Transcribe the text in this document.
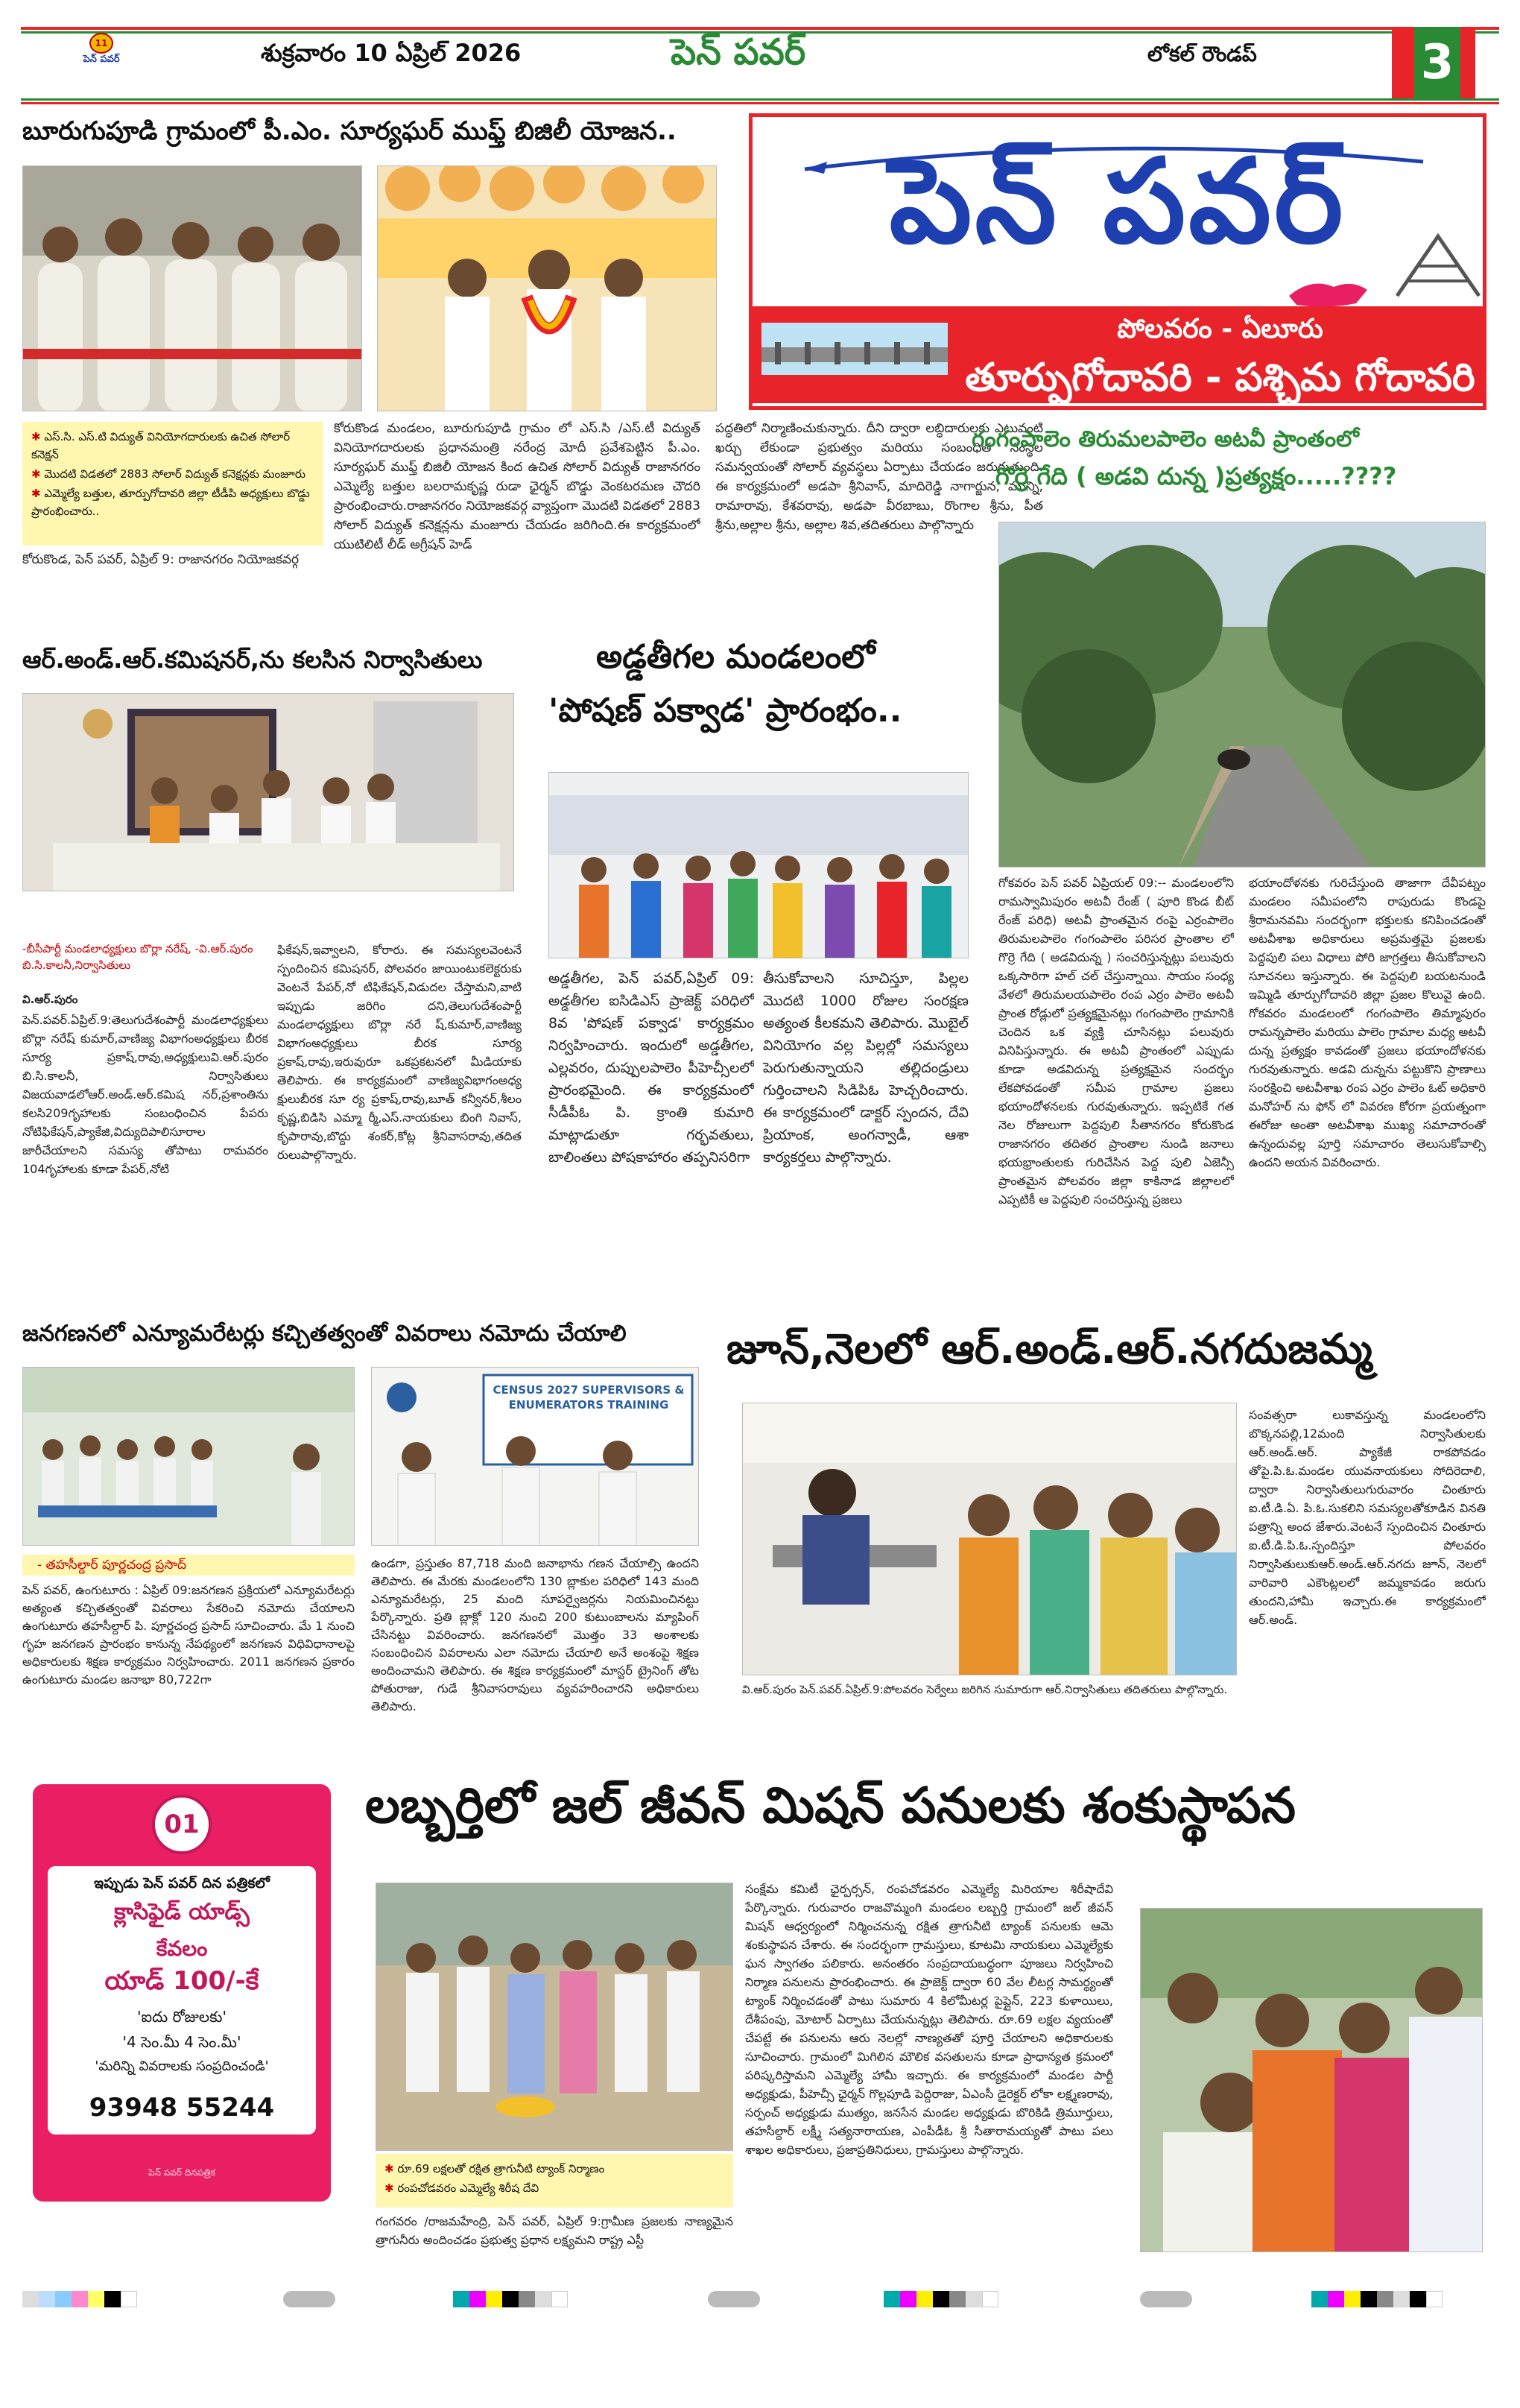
11
పెన్ పవర్	శుక్రవారం 10 ఏప్రిల్ 2026	పెన్ పవర్	లోకల్ రౌండప్	3
బూరుగుపూడి గ్రామంలో పీ.ఎం. సూర్యఘర్ ముఫ్త్ బిజిలీ యోజన..
✱ ఎస్.సి. ఎస్.టి విద్యుత్ వినియోగదారులకు ఉచిత సోలార్ కనెక్షన్
✱ మొదటి విడతలో 2883 సోలార్ విద్యుత్ కనెక్షన్లకు మంజూరు
✱ ఎమ్మెల్యే బత్తుల, తూర్పుగోదావరి జిల్లా టీడీపి అధ్యక్షులు బొడ్డు ప్రారంభించారు..
కోరుకొండ, పెన్ పవర్, ఏప్రిల్ 9: రాజానగరం నియోజకవర్గ
కోరుకొండ మండలం, బూరుగుపూడి గ్రామం లో ఎస్.సి /ఎస్.టీ విద్యుత్ వినియోగదారులకు ప్రధానమంత్రి నరేంద్ర మోదీ ప్రవేశపెట్టిన పీ.ఎం. సూర్యఘర్ ముఫ్త్ బిజిలీ యోజన కింద ఉచిత సోలార్ విద్యుత్ రాజానగరం ఎమ్మెల్యే బత్తుల బలరామకృష్ణ రుడా ఛైర్మన్ బొడ్డు వెంకటరమణ చౌదరి ప్రారంభించారు.రాజానగరం నియోజకవర్గ వ్యాప్తంగా మొదటి విడతలో 2883 సోలార్ విద్యుత్ కనెక్షన్లను మంజూరు చేయడం జరిగింది.ఈ కార్యక్రమంలో యుటిలిటీ లీడ్ అగ్రీషన్ హెడ్
పద్ధతిలో నిర్మాణించుకున్నారు. దీని ద్వారా లబ్ధిదారులకు ఎటువంటి ఖర్చు లేకుండా ప్రభుత్వం మరియు సంబంధిత సంస్థల సమన్వయంతో సోలార్ వ్యవస్థలు ఏర్పాటు చేయడం జరుగుతుంది. ఈ కార్యక్రమంలో అడపా శ్రీనివాస్, మాదిరెడ్డి నాగార్జున, మున్ని, రామారావు, కేశవరావు, అడపా వీరబాబు, రొంగాల శ్రీను, పీత శ్రీను,అల్లాల శ్రీను, అల్లాల శివ,తదితరులు పాల్గొన్నారు
పెన్ పవర్
పోలవరం - ఏలూరు
తూర్పుగోదావరి - పశ్చిమ గోదావరి
గంగంపాలెం తిరుమలపాలెం అటవీ ప్రాంతంలో
గొర్రె గేది ( అడవి దున్న )ప్రత్యక్షం.....????
గోకవరం పెన్ పవర్ ఏప్రియల్ 09:-- మండలంలోని రామస్వామిపురం అటవీ రేంజ్ ( పూరి కొండ బీట్ రేంజ్ పరిధి) అటవీ ప్రాంతమైన రంపై ఎర్రంపాలెం తిరుమలపాలెం గంగంపాలెం పరిసర ప్రాంతాల లో గొర్రె గేది ( అడవిదున్న ) సంచరిస్తున్నట్లు పలువురు ఒక్కసారిగా హల్ చల్ చేస్తున్నాయి. సాయం సంధ్య వేళలో తిరుమలయపాలెం రంప ఎర్రం పాలెం అటవీ ప్రాంత రోడ్లులో ప్రత్యక్షమైనట్లు గంగంపాలెం గ్రామానికి చెందిన ఒక వ్యక్తి చూసినట్లు పలువురు వినిపిస్తున్నారు. ఈ అటవీ ప్రాంతంలో ఎప్పుడు కూడా అడవిదున్న ప్రత్యక్షమైన సందర్భం లేకపోవడంతో సమీప గ్రామాల ప్రజలు భయాందోళనలకు గురవుతున్నారు. ఇప్పటికే గత నెల రోజులుగా పెద్దపులి సీతానగరం కోరుకొండ రాజానగరం తదితర ప్రాంతాల నుండి జనాలు భయభ్రాంతులకు గురిచేసిన పెద్ద పులి ఏజెన్సీ ప్రాంతమైన పోలవరం జిల్లా కాకినాడ జిల్లాలలో ఎప్పటికీ ఆ పెద్దపులి సంచరిస్తున్న ప్రజలు
భయాందోళనకు గురిచేస్తుంది తాజాగా దేవీపట్నం మండలం సమీపంలోని రాపురుడు కొండపై శ్రీరామనవమి సందర్భంగా భక్తులకు కనిపించడంతో అటవీశాఖ అధికారులు అప్రమత్తమై ప్రజలకు పెద్దపులి పలు విధాలు పోరి జాగ్రత్తలు తీసుకోవాలని సూచనలు ఇస్తున్నారు. ఈ పెద్దపులి బయటనుండి ఇమ్మిడి తూర్పుగోదావరి జిల్లా ప్రజల కొలువై ఉంది. గోకవరం మండలంలో గంగంపాలెం తిమ్మాపురం రామన్నపాలెం మరియు పాలెం గ్రామాల మధ్య అటవీ దున్న ప్రత్యక్షం కావడంతో ప్రజలు భయాందోళనకు గురవుతున్నారు. అడవి దున్నను పట్టుకొని ప్రాణాలు సంరక్షించి అటవీశాఖ రంప ఎర్రం పాలెం ఓట్ అధికారి మనోహర్ ను ఫోన్ లో వివరణ కోరగా ప్రయత్నంగా ఈరోజు అంతా అటవీశాఖ ముఖ్య సమాచారంతో ఉన్నందువల్ల పూర్తి సమాచారం తెలుసుకోవాల్సి ఉందని అయన వివరించారు.
ఆర్.అండ్.ఆర్.కమిషనర్,ను కలసిన నిర్వాసితులు
-బీసీపార్టీ మండలాధ్యక్షులు బొర్లా నరేష్, -వి.ఆర్.పురం బి.సి.కాలనీ,నిర్వాసితులు
వి.ఆర్.పురం
పెన్.పవర్.ఏప్రిల్.9:తెలుగుదేశంపార్టీ మండలాధ్యక్షులు బొర్లా నరేష్ కుమార్,వాణిజ్య విభాగంఅధ్యక్షులు బీరక సూర్య ప్రకాష్,రావు,అధ్యక్షులువి.ఆర్.పురం బి.సి.కాలనీ, నిర్వాసితులు విజయవాడలోఆర్.అండ్.ఆర్.కమిష నర్,ప్రశాంతిను కలసి209గృహాలకు సంబంధించిన పేపరు నోటిఫికేషన్,ప్యాకేజి,విద్యుదిపాలిసూరాల జారీచేయాలని సమస్య తోపాటు రామవరం 104గృహాలకు కూడా పేపర్,నోటి
ఫికేషన్,ఇవ్వాలని, కోరారు. ఈ సమస్యలవెంటనే స్పందించిన కమిషనర్, పోలవరం జాయింటుకలెక్టరుకు వెంటనే పేపర్,నో టిఫికేషన్,విడుదల చేస్తామని,వాటి ఇప్పుడు జరిగిం దని,తెలుగుదేశంపార్టీ మండలాధ్యక్షులు బొర్లా నరే ష్,కుమార్,వాణిజ్య విభాగంఅధ్యక్షులు బీరక సూర్య ప్రకాష్,రావు,ఇరువురూ ఒకప్రకటనలో మీడియాకు తెలిపారు. ఈ కార్యక్రమంలో వాణిజ్యవిభాగంఅధ్య క్షులుబీరక సూ ర్య ప్రకాష్,రావు,బూత్ కన్వీనర్,శీలం కృష్ణ,బిడిసి ఎమ్మా ర్మీ,ఎస్.నాయకులు బింగి నివాస్, కృపారావు,బొద్దు శంకర్,కోట్ల శ్రీనివాసరావు,తదిత రులుపాల్గొన్నారు.
అడ్డతీగల మండలంలో
'పోషణ్ పక్వాడ' ప్రారంభం..
అడ్డతీగల, పెన్ పవర్,ఏప్రిల్ 09: అడ్డతీగల ఐసిడిఎస్ ప్రాజెక్ట్ పరిధిలో 8వ 'పోషణ్ పక్వాడ' కార్యక్రమం నిర్వహించారు. ఇందులో అడ్డతీగల, ఎల్లవరం, దుప్పులపాలెం పీహెచ్సీలలో ప్రారంభమైంది. ఈ కార్యక్రమంలో సీడీపీఓ పి. క్రాంతి కుమారి మాట్లాడుతూ గర్భవతులు, బాలింతలు పోషకాహారం తప్పనిసరిగా
తీసుకోవాలని సూచిస్తూ, పిల్లల మొదటి 1000 రోజుల సంరక్షణ అత్యంత కీలకమని తెలిపారు. మొబైల్ వినియోగం వల్ల పిల్లల్లో సమస్యలు పెరుగుతున్నాయని తల్లిదండ్రులు గుర్తించాలని సిడిపిఓ హెచ్చరించారు. ఈ కార్యక్రమంలో డాక్టర్ స్పందన, దేవి ప్రియాంక, అంగన్వాడీ, ఆశా కార్యకర్తలు పాల్గొన్నారు.
జనగణనలో ఎన్యూమరేటర్లు కచ్చితత్వంతో వివరాలు నమోదు చేయాలి
CENSUS 2027 SUPERVISORS & ENUMERATORS TRAINING
- తహసీల్దార్ పూర్ణచంద్ర ప్రసాద్
పెన్ పవర్, ఉంగుటూరు : ఏప్రిల్ 09:జనగణన ప్రక్రియలో ఎన్యూమరేటర్లు అత్యంత కచ్చితత్వంతో వివరాలు సేకరించి నమోదు చేయాలని ఉంగుటూరు తహసీల్దార్ పి. పూర్ణచంద్ర ప్రసాద్ సూచించారు. మే 1 నుంచి గృహ జనగణన ప్రారంభం కానున్న నేపథ్యంలో జనగణన విధివిధానాలపై అధికారులకు శిక్షణ కార్యక్రమం నిర్వహించారు. 2011 జనగణన ప్రకారం ఉంగుటూరు మండల జనాభా 80,722గా
ఉండగా, ప్రస్తుతం 87,718 మంది జనాభాను గణన చేయాల్సి ఉందని తెలిపారు. ఈ మేరకు మండలంలోని 130 బ్లాకుల పరిధిలో 143 మంది ఎన్యూమరేటర్లు, 25 మంది సూపర్వైజర్లను నియమించినట్టు పేర్కొన్నారు. ప్రతి బ్లాక్లో 120 నుంచి 200 కుటుంబాలను మ్యాపింగ్ చేసినట్టు వివరించారు. జనగణనలో మొత్తం 33 అంశాలకు సంబంధించిన వివరాలను ఎలా నమోదు చేయాలి అనే అంశంపై శిక్షణ అందించామని తెలిపారు. ఈ శిక్షణ కార్యక్రమంలో మాస్టర్ ట్రైనింగ్ తోట పోతురాజు, గుడే శ్రీనివాసరావులు వ్యవహరించారని అధికారులు తెలిపారు.
జూన్,నెలలో ఆర్.అండ్.ఆర్.నగదుజమ్మ
వి.ఆర్.పురం పెన్.పవర్.ఏప్రిల్.9:పోలవరం సెర్వేలు జరిగిన సుమారుగా ఆర్.నిర్వాసితులు తదితరులు పాల్గొన్నారు.
సంవత్సరా లుకావస్తున్న మండలంలోని బొక్కనపల్లి,12మంది నిర్వాసితులకు ఆర్.అండ్.ఆర్. ప్యాకేజీ రాకపోవడం తోపై.పి.ఓ.మండల యువనాయకులు సోదిరెదాలి, ద్వారా నిర్వాసితులుగురువారం చింతూరు ఐ.టీ.డి.ఏ. పి.ఓ.సుకలిని సమస్యలతోకూడిన వినతి పత్రాన్ని అంద జేశారు.వెంటనే స్పందించిన చింతూరు ఐ.టీ.డి.పి.ఓ.స్పందిస్తూ పోలవరం నిర్వాసితులుకుఆర్.అండ్.ఆర్.నగదు జూన్, నెలలో వారివారి ఎకౌంట్లలలో జమ్మకావడం జరుగు తుందని,హామీ ఇచ్చారు.ఈ కార్యక్రమంలో ఆర్.అండ్.
01
ఇప్పుడు పెన్ పవర్ దిన పత్రికలో
క్లాసిఫైడ్ యాడ్స్
కేవలం
యాడ్ 100/-కే
'ఐదు రోజులకు'
'4 సెం.మీ 4 సెం.మీ'
'మరిన్ని వివరాలకు సంప్రదించండి'
93948 55244
పెన్ పవర్ దినపత్రిక
లబ్బర్తిలో జల్ జీవన్ మిషన్ పనులకు శంకుస్థాపన
✱ రూ.69 లక్షలతో రక్షిత త్రాగునీటి ట్యాంక్ నిర్మాణం
✱ రంపచోడవరం ఎమ్మెల్యే శిరీష దేవి
గంగవరం /రాజమహేంద్రి, పెన్ పవర్, ఏప్రిల్ 9:గ్రామీణ ప్రజలకు నాణ్యమైన త్రాగునీరు అందించడం ప్రభుత్వ ప్రధాన లక్ష్యమని రాష్ట్ర ఎస్టీ
సంక్షేమ కమిటీ ఛైర్పర్సన్, రంపచోడవరం ఎమ్మెల్యే మిరియాల శిరీషాదేవి పేర్కొన్నారు. గురువారం రాజవొమ్మంగి మండలం లబ్బర్తి గ్రామంలో జల్ జీవన్ మిషన్ ఆధ్వర్యంలో నిర్మించనున్న రక్షిత త్రాగునీటి ట్యాంక్ పనులకు ఆమె శంకుస్థాపన చేశారు. ఈ సందర్భంగా గ్రామస్తులు, కూటమి నాయకులు ఎమ్మెల్యేకు ఘన స్వాగతం పలికారు. అనంతరం సంప్రదాయబద్ధంగా పూజలు నిర్వహించి నిర్మాణ పనులను ప్రారంభించారు. ఈ ప్రాజెక్ట్ ద్వారా 60 వేల లీటర్ల సామర్థ్యంతో ట్యాంక్ నిర్మించడంతో పాటు సుమారు 4 కిలోమీటర్ల పైప్లైన్, 223 కుళాయిలు, దేశీపంపు, మోటార్ ఏర్పాటు చేయనున్నట్లు తెలిపారు. రూ.69 లక్షల వ్యయంతో చేపట్టే ఈ పనులను ఆరు నెలల్లో నాణ్యతతో పూర్తి చేయాలని అధికారులకు సూచించారు. గ్రామంలో మిగిలిన మౌలిక వసతులను కూడా ప్రాధాన్యత క్రమంలో పరిష్కరిస్తామని ఎమ్మెల్యే హామీ ఇచ్చారు. ఈ కార్యక్రమంలో మండల పార్టీ అధ్యక్షుడు, పీహెచ్సీ ఛైర్మన్ గొల్లపూడి పెద్దిరాజు, ఏఎంసీ డైరెక్టర్ లోకా లక్ష్మణరావు, సర్పంచ్ అధ్యక్షుడు ముత్యం, జనసేన మండల అధ్యక్షుడు బొరికిడి త్రిమూర్తులు, తహసీల్దార్ లక్ష్మీ సత్యనారాయణ, ఎంపీడీఓ శ్రీ సీతారామయ్యతో పాటు పలు శాఖల అధికారులు, ప్రజాప్రతినిధులు, గ్రామస్తులు పాల్గొన్నారు.
